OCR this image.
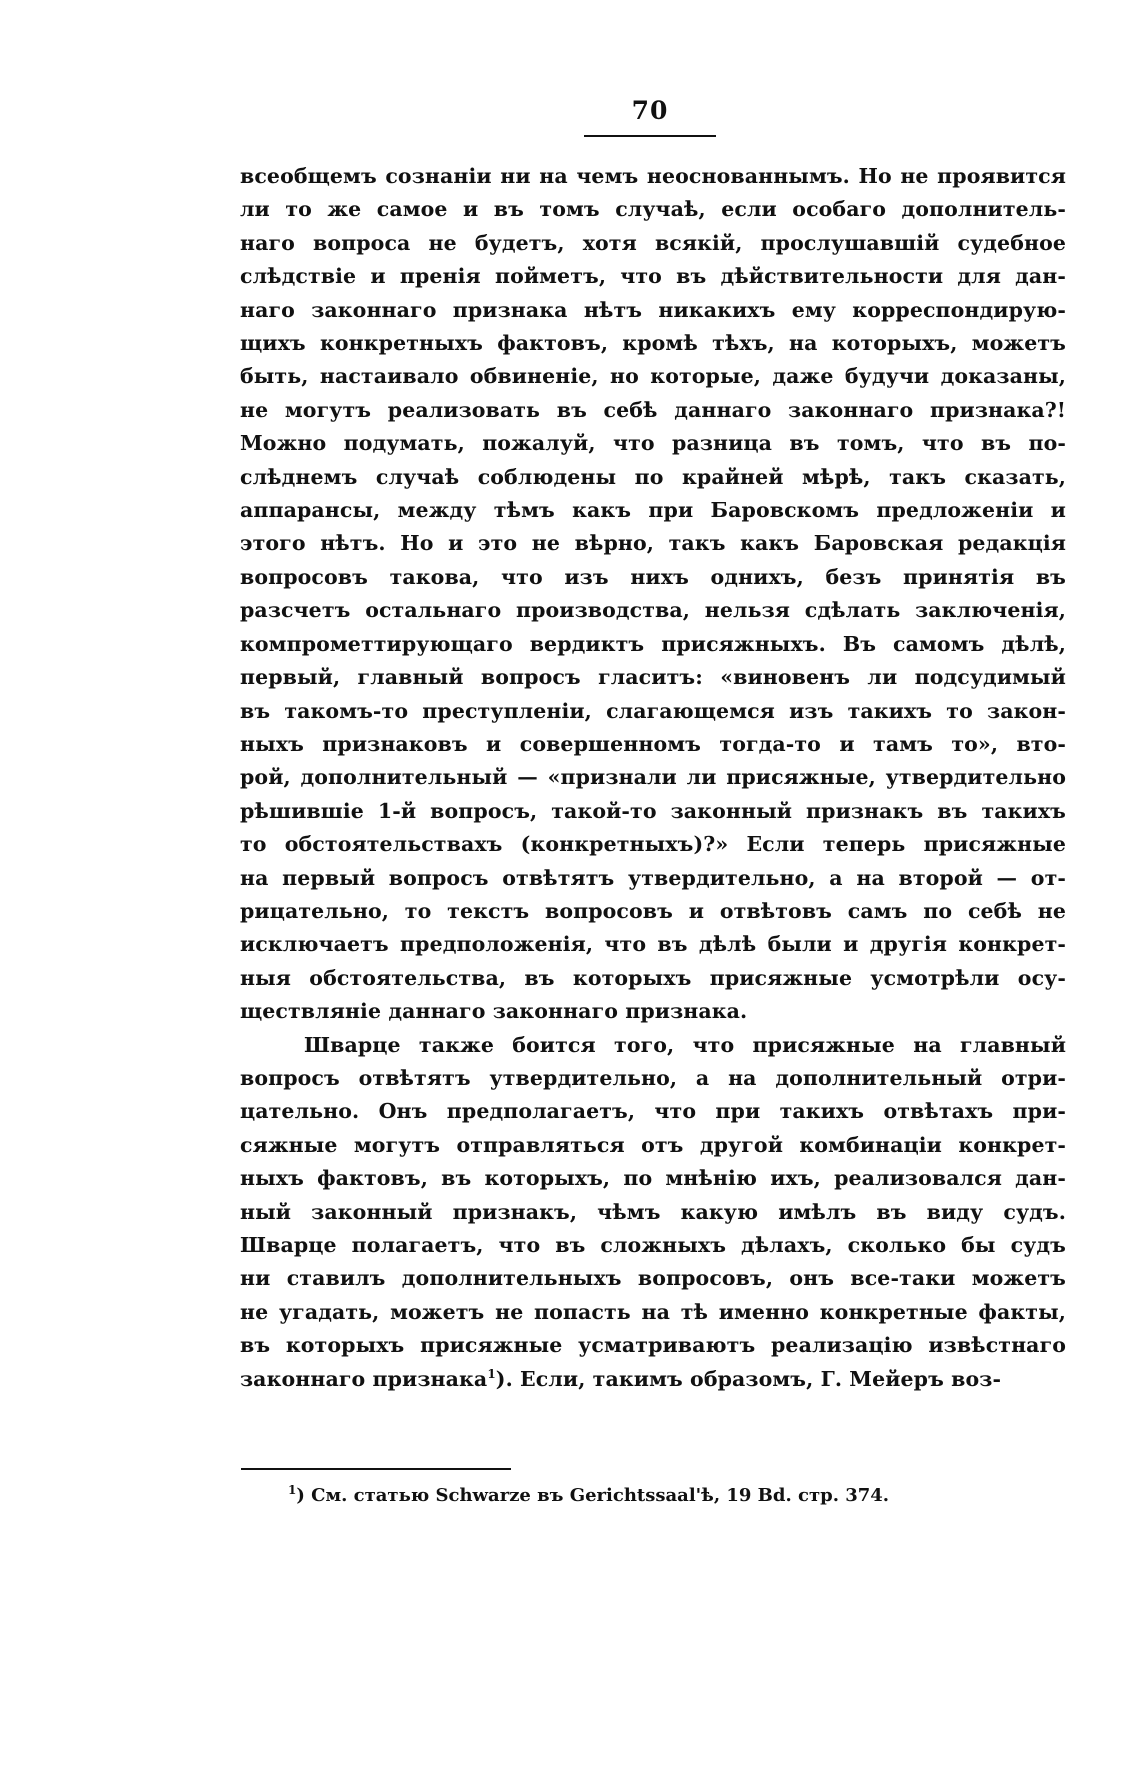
70
всеобщемъ сознанiи ни на чемъ неоснованнымъ. Но не проявится
ли то же самое и въ томъ случаѣ, если особаго дополнитель-
наго вопроса не будетъ, хотя всякiй, прослушавшiй судебное
слѣдствiе и пренiя пойметъ, что въ дѣйствительности для дан-
наго законнаго признака нѣтъ никакихъ ему корреспондирую-
щихъ конкретныхъ фактовъ, кромѣ тѣхъ, на которыхъ, можетъ
быть, настаивало обвиненiе, но которые, даже будучи доказаны,
не могутъ реализовать въ себѣ даннаго законнаго признака?!
Можно подумать, пожалуй, что разница въ томъ, что въ по-
слѣднемъ случаѣ соблюдены по крайней мѣрѣ, такъ сказать,
аппарансы, между тѣмъ какъ при Баровскомъ предложенiи и
этого нѣтъ. Но и это не вѣрно, такъ какъ Баровская редакцiя
вопросовъ такова, что изъ нихъ однихъ, безъ принятiя въ
разсчетъ остальнаго производства, нельзя сдѣлать заключенiя,
компрометтирующаго вердиктъ присяжныхъ. Въ самомъ дѣлѣ,
первый, главный вопросъ гласитъ: «виновенъ ли подсудимый
въ такомъ-то преступленiи, слагающемся изъ такихъ то закон-
ныхъ признаковъ и совершенномъ тогда-то и тамъ то», вто-
рой, дополнительный — «признали ли присяжные, утвердительно
рѣшившiе 1-й вопросъ, такой-то законный признакъ въ такихъ
то обстоятельствахъ (конкретныхъ)?» Если теперь присяжные
на первый вопросъ отвѣтятъ утвердительно, а на второй — от-
рицательно, то текстъ вопросовъ и отвѣтовъ самъ по себѣ не
исключаетъ предположенiя, что въ дѣлѣ были и другiя конкрет-
ныя обстоятельства, въ которыхъ присяжные усмотрѣли осу-
ществлянiе даннаго законнаго признака.
Шварце также боится того, что присяжные на главный
вопросъ отвѣтятъ утвердительно, а на дополнительный отри-
цательно. Онъ предполагаетъ, что при такихъ отвѣтахъ при-
сяжные могутъ отправляться отъ другой комбинацiи конкрет-
ныхъ фактовъ, въ которыхъ, по мнѣнiю ихъ, реализовался дан-
ный законный признакъ, чѣмъ какую имѣлъ въ виду судъ.
Шварце полагаетъ, что въ сложныхъ дѣлахъ, сколько бы судъ
ни ставилъ дополнительныхъ вопросовъ, онъ все-таки можетъ
не угадать, можетъ не попасть на тѣ именно конкретные факты,
въ которыхъ присяжные усматриваютъ реализацiю извѣстнаго
законнаго признака$^1$). Если, такимъ образомъ, Г. Мейеръ воз-
$^1$) См. статью Schwarze въ Gerichtssaal'ѣ, 19 Bd. стр. 374.
